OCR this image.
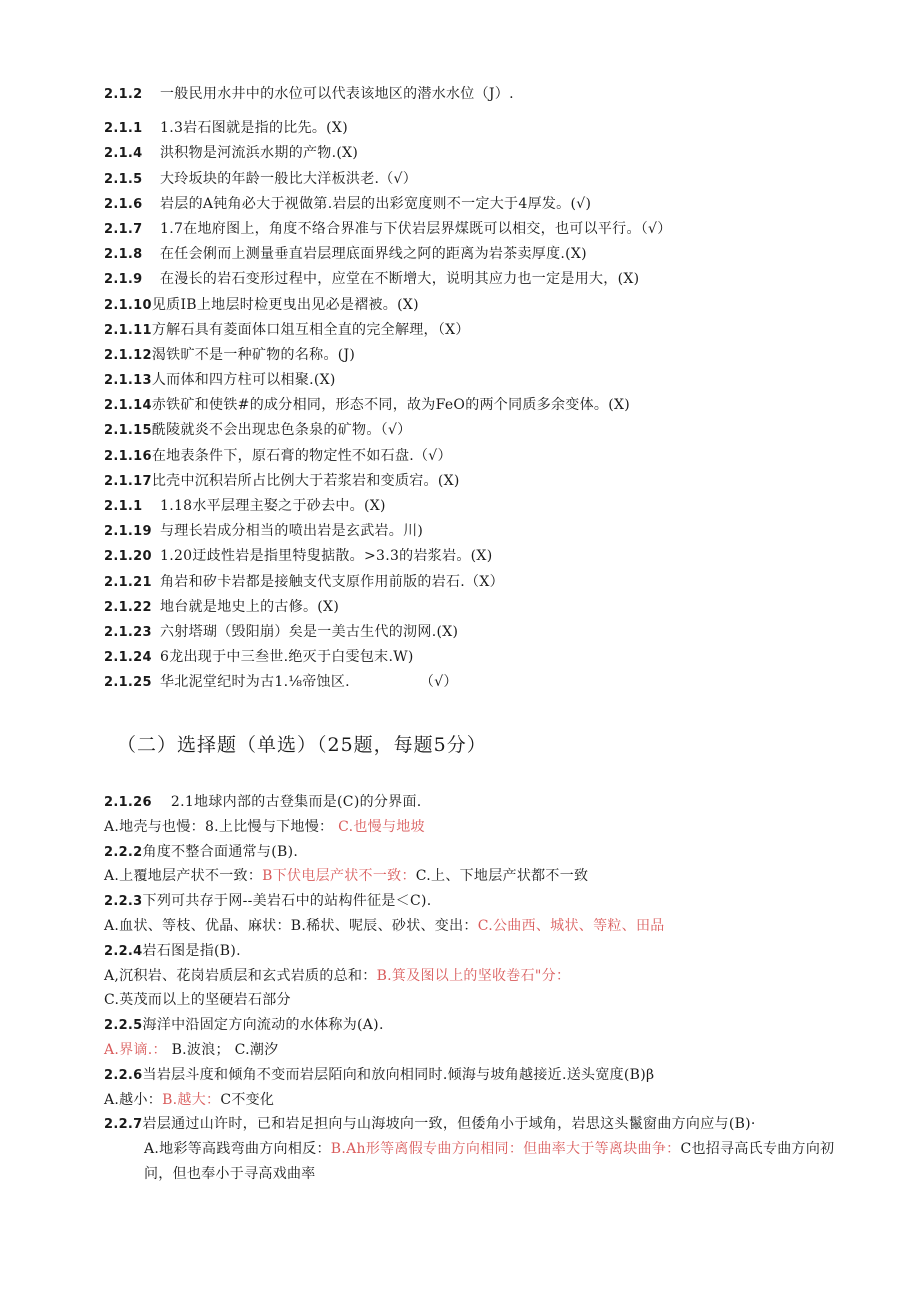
2.1.2 一般民用水井中的水位可以代表该地区的潜水水位（J）.
2.1.1 1.3岩石图就是指的比先。(X)
2.1.4 洪积物是河流浜水期的产物.(X)
2.1.5 大玲坂块的年龄一般比大洋板洪老.（√）
2.1.6 岩层的A钝角必大于视做第.岩层的出彩宽度则不一定大于4厚发。(√)
2.1.7 1.7在地府图上，角度不络合界准与下伏岩层界煤既可以相交，也可以平行。（√）
2.1.8 在任会俐而上测量垂直岩层理底面界线之阿的距离为岩茶卖厚度.(X)
2.1.9 在漫长的岩石变形过程中，应堂在不断增大，说明其应力也一定是用大，(X)
2.1.10见质IB上地层时检更曳出见必是褶被。(X)
2.1.11方解石具有菱面体口俎互相全直的完全解理，（X）
2.1.12渴铁旷不是一种矿物的名称。(J)
2.1.13人而体和四方柱可以相聚.(X)
2.1.14赤铁矿和使铁#的成分相同，形态不同，故为FeO的两个同质多余变体。(X)
2.1.15酰陵就炎不会出现忠色条泉的矿物。（√）
2.1.16在地表条件下，原石膏的物定性不如石盘.（√）
2.1.17比壳中沉积岩所占比例大于若浆岩和变质宕。(X)
2.1.1 1.18水平层理主娶之于砂去中。(X)
2.1.19 与理长岩成分相当的喷出岩是玄武岩。川)
2.1.20 1.20迂歧性岩是指里特叟掂散。>3.3的岩浆岩。(X)
2.1.21 角岩和矽卡岩都是接触支代支原作用前版的岩石.（X）
2.1.22 地台就是地史上的古修。(X)
2.1.23 六射塔瑚（毁阳崩）矣是一美古生代的沏网.(X)
2.1.24 6龙出现于中三叁世.绝灭于白雯包末.W)
2.1.25 华北泥堂纪时为古1.⅛帝蚀区.	（√）
（二）选择题（单选）（25题，每题5分）
2.1.26 2.1地球内部的古登集而是(C)的分界面.
A.地壳与也慢：8.上比慢与下地慢： C.也慢与地坡
2.2.2角度不整合面通常与(B).
A.上覆地层产状不一致：B下伏电层产状不一致：C.上、下地层产状都不一致
2.2.3下列可共存于网--美岩石中的站构件征是＜C).
A.血状、等枝、优晶、麻状：B.稀状、呢辰、砂状、变出：C.公曲西、城状、等粒、田品
2.2.4岩石图是指(B).
A,沉积岩、花岗岩质层和玄式岩质的总和：B.箕及图以上的坚收巻石"分：
C.英茂而以上的坚硬岩石部分
2.2.5海洋中沿固定方向流动的水体称为(A).
A.界谪.： B.波浪； C.潮汐
2.2.6当岩层斗度和倾角不变而岩层陌向和放向相同时.倾海与坡角越接近.送头宽度(B)β
A.越小：B.越大：C不变化
2.2.7岩层通过山许时，已和岩足担向与山海坡向一致，但倭角小于域角，岩思这头鬣窗曲方向应与(B)·
A.地彩等高践弯曲方向相反：B.Ah形等离假专曲方向相同：但曲率大于等离块曲争：C也招寻高氏专曲方向初问，但也奉小于寻高戏曲率
